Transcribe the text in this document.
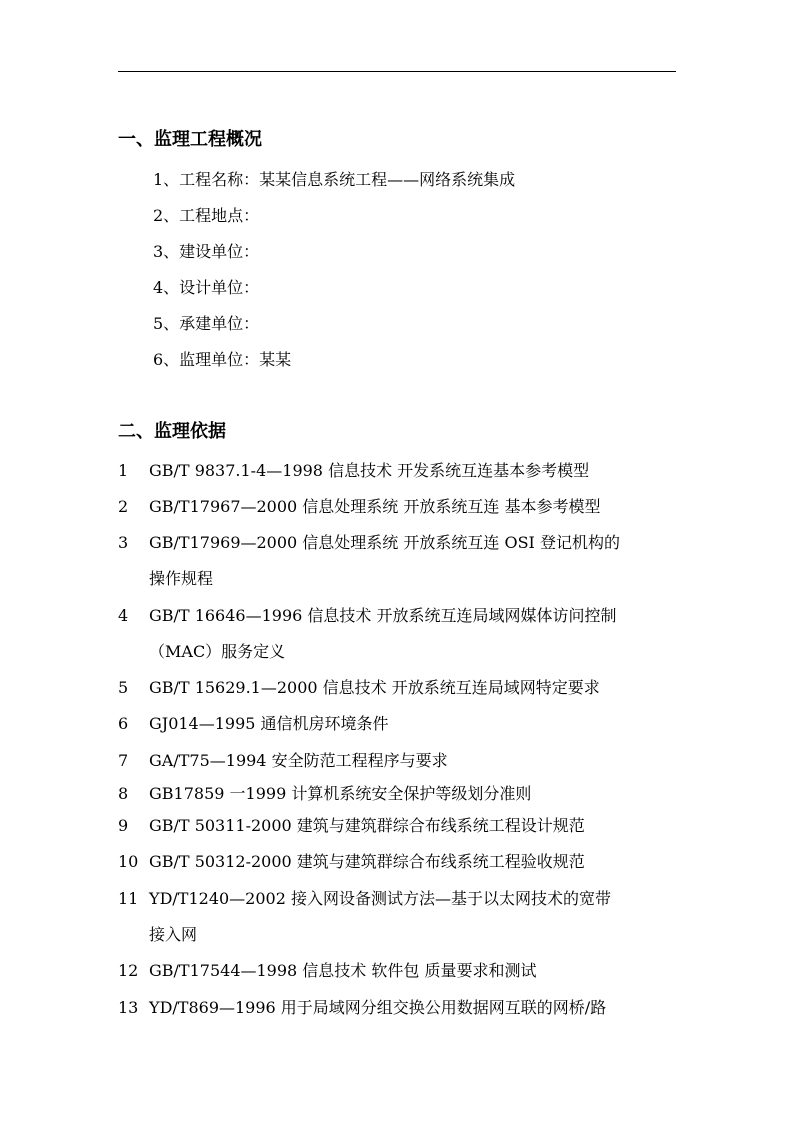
一、监理工程概况
1、工程名称：某某信息系统工程——网络系统集成
2、工程地点：
3、建设单位：
4、设计单位：
5、承建单位：
6、监理单位：某某
二、监理依据
1 GB/T 9837.1-4—1998 信息技术 开发系统互连基本参考模型
2 GB/T17967—2000 信息处理系统 开放系统互连 基本参考模型
3 GB/T17969—2000 信息处理系统 开放系统互连 OSI 登记机构的
操作规程
4 GB/T 16646—1996 信息技术 开放系统互连局域网媒体访问控制
（MAC）服务定义
5 GB/T 15629.1—2000 信息技术 开放系统互连局域网特定要求
6 GJ014—1995 通信机房环境条件
7 GA/T75—1994 安全防范工程程序与要求
8 GB17859 一1999 计算机系统安全保护等级划分准则
9 GB/T 50311-2000 建筑与建筑群综合布线系统工程设计规范
10 GB/T 50312-2000 建筑与建筑群综合布线系统工程验收规范
11 YD/T1240—2002 接入网设备测试方法—基于以太网技术的宽带
接入网
12 GB/T17544—1998 信息技术 软件包 质量要求和测试
13 YD/T869—1996 用于局域网分组交换公用数据网互联的网桥/路
